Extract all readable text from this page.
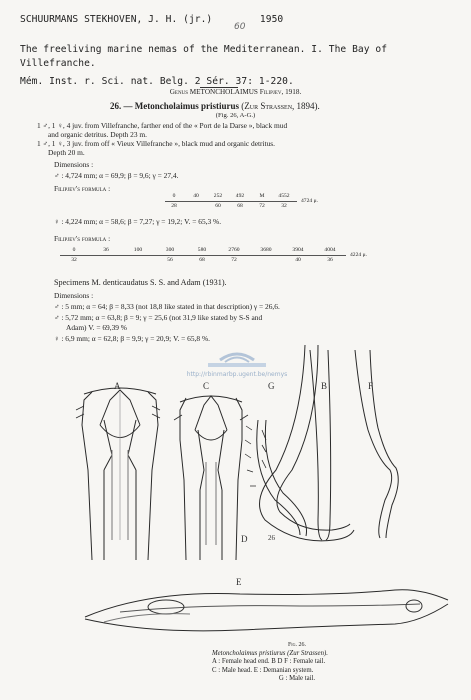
SCHUURMANS STEKHOVEN, J. H. (jr.)	1950
60
The freeliving marine nemas of the Mediterranean. I. The Bay of
Villefranche.
Mém. Inst. r. Sci. nat. Belg. 2 Sér. 37: 1-220.
Genus METONCHOLAIMUS Filipjev, 1918.
26. — Metoncholaimus pristiurus (Zur Strassen, 1894).
(Fig. 26, A-G.)
1 ♂, 1 ♀, 4 juv. from Villefranche, farther end of the « Port de la Darse », black mud
and organic detritus. Depth 23 m.
1 ♂, 1 ♀, 3 juv. from off « Vieux Villefranche », black mud and organic detritus.
Depth 20 m.
Dimensions :
♂ : 4,724 mm; α = 69,9; β = 9,6; γ = 27,4.
Filipjev's formula :
0	40	252 492	M 4552
28	60	68	72	32
4724 μ.
♀ : 4,224 mm; α = 58,6; β = 7,27; γ = 19,2; V. = 65,3 %.
Filipjev's formula :
0	36	100	300	580	2760	3680	3904	4004
32	56	68	72	40	36
4224 μ.
Specimens M. denticaudatus S. S. and Adam (1931).
Dimensions :
♂ : 5 mm; α = 64; β = 8,33 (not 18,8 like stated in that description) γ = 26,6.
♂ : 5,72 mm; α = 63,8; β = 9; γ = 25,6 (not 31,9 like stated by S-S and
Adam) V. = 69,39 %
♀ : 6,9 mm; α = 62,8; β = 9,9; γ = 20,9; V. = 65,8 %.
http://rbinmarbp.ugent.be/nemys
A	C	G	B	F
D	26
E
Fig. 26.
Metoncholaimus pristiurus (Zur Strassen).
A : Female head end. B D F : Female tail.
C : Male head. E : Demanian system.
G : Male tail.
